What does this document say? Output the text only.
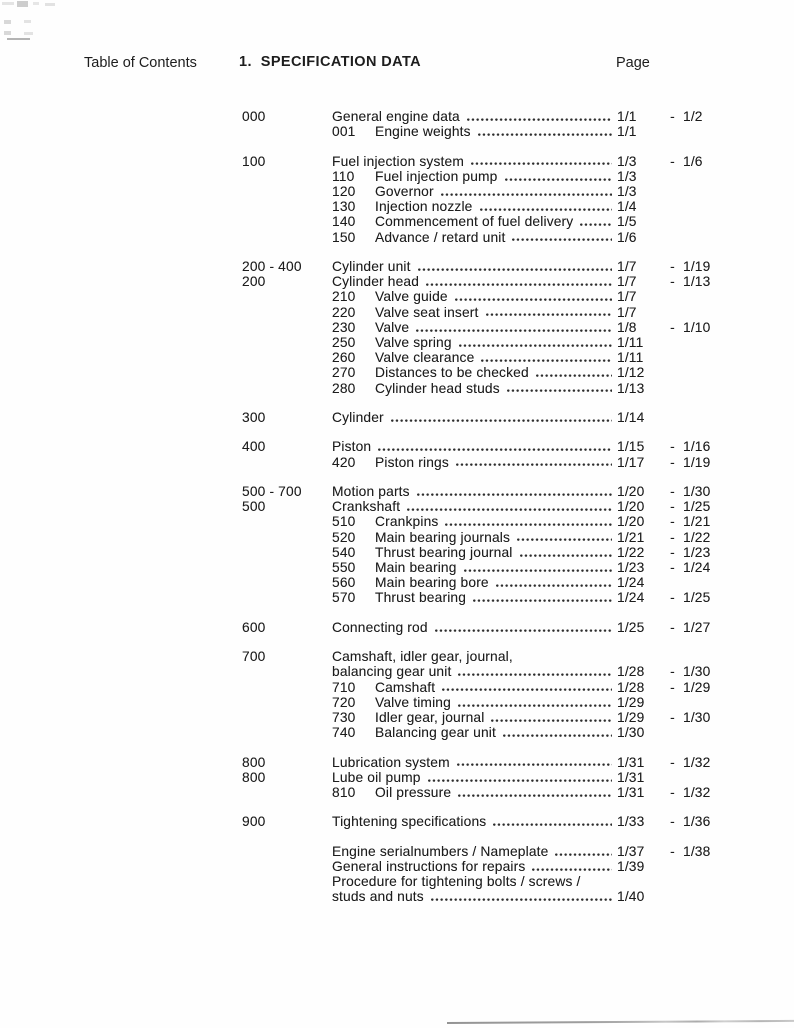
Table of Contents	1.  SPECIFICATION DATA	Page
000	General engine data	1/1	- 1/2
001	Engine weights	1/1
100	Fuel injection system	1/3	- 1/6
110	Fuel injection pump	1/3
120	Governor	1/3
130	Injection nozzle	1/4
140	Commencement of fuel delivery	1/5
150	Advance / retard unit	1/6
200 - 400	Cylinder unit	1/7	- 1/19
200	Cylinder head	1/7	- 1/13
210	Valve guide	1/7
220	Valve seat insert	1/7
230	Valve	1/8	- 1/10
250	Valve spring	1/11
260	Valve clearance	1/11
270	Distances to be checked	1/12
280	Cylinder head studs	1/13
300	Cylinder	1/14
400	Piston	1/15	- 1/16
420	Piston rings	1/17	- 1/19
500 - 700	Motion parts	1/20	- 1/30
500	Crankshaft	1/20	- 1/25
510	Crankpins	1/20	- 1/21
520	Main bearing journals	1/21	- 1/22
540	Thrust bearing journal	1/22	- 1/23
550	Main bearing	1/23	- 1/24
560	Main bearing bore	1/24
570	Thrust bearing	1/24	- 1/25
600	Connecting rod	1/25	- 1/27
700	Camshaft, idler gear, journal,
balancing gear unit	1/28	- 1/30
710	Camshaft	1/28	- 1/29
720	Valve timing	1/29
730	Idler gear, journal	1/29	- 1/30
740	Balancing gear unit	1/30
800	Lubrication system	1/31	- 1/32
800	Lube oil pump	1/31
810	Oil pressure	1/31	- 1/32
900	Tightening specifications	1/33	- 1/36
Engine serialnumbers / Nameplate	1/37	- 1/38
General instructions for repairs	1/39
Procedure for tightening bolts / screws /
studs and nuts	1/40
